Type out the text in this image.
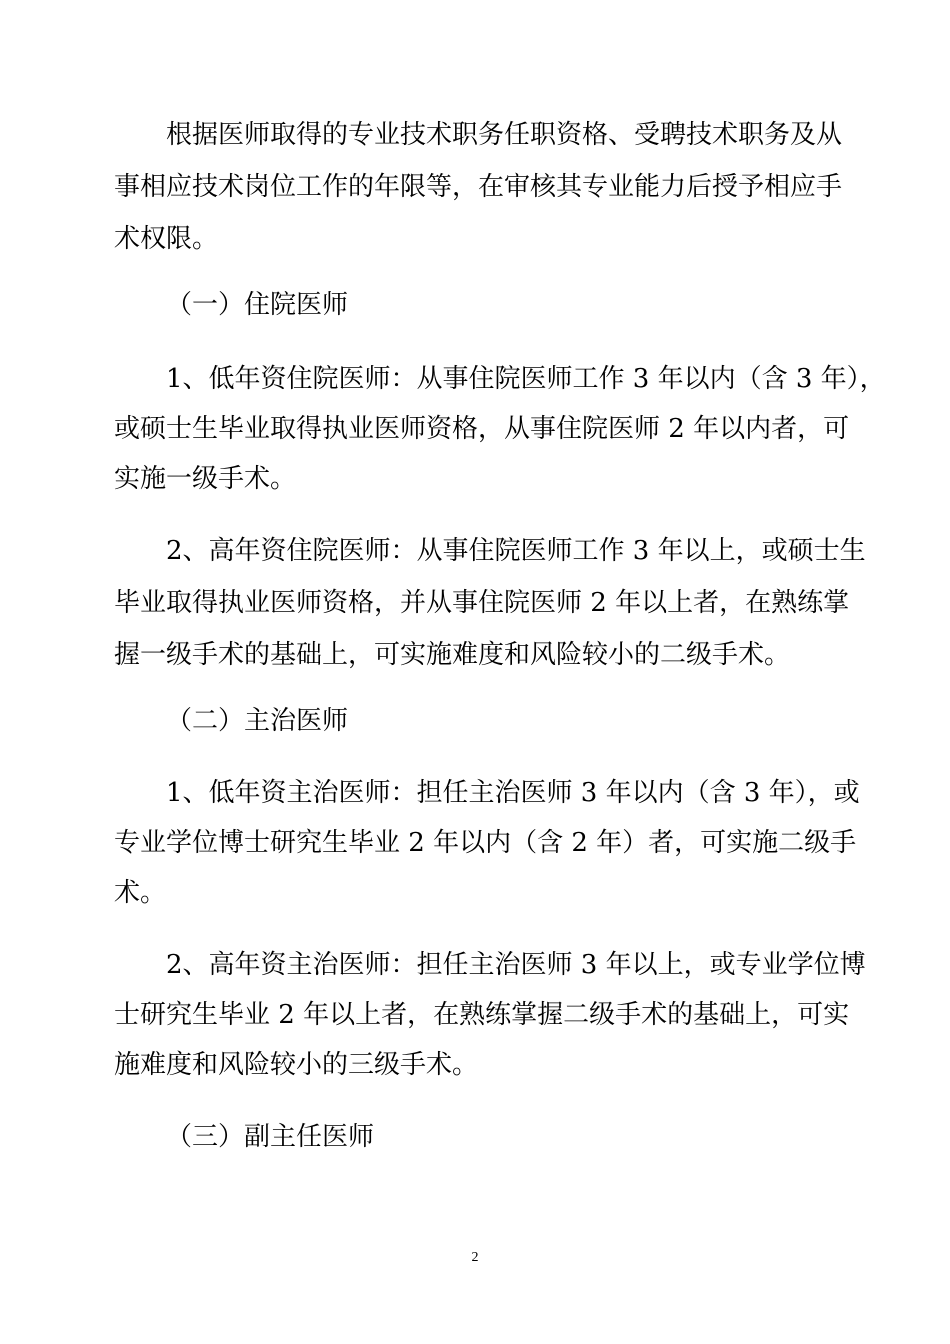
根据医师取得的专业技术职务任职资格、受聘技术职务及从
事相应技术岗位工作的年限等，在审核其专业能力后授予相应手
术权限。
（一）住院医师
1、低年资住院医师：从事住院医师工作 3 年以内（含 3 年），
或硕士生毕业取得执业医师资格，从事住院医师 2 年以内者，可
实施一级手术。
2、高年资住院医师：从事住院医师工作 3 年以上，或硕士生
毕业取得执业医师资格，并从事住院医师 2 年以上者，在熟练掌
握一级手术的基础上，可实施难度和风险较小的二级手术。
（二）主治医师
1、低年资主治医师：担任主治医师 3 年以内（含 3 年），或
专业学位博士研究生毕业 2 年以内（含 2 年）者，可实施二级手
术。
2、高年资主治医师：担任主治医师 3 年以上，或专业学位博
士研究生毕业 2 年以上者，在熟练掌握二级手术的基础上，可实
施难度和风险较小的三级手术。
（三）副主任医师
2
